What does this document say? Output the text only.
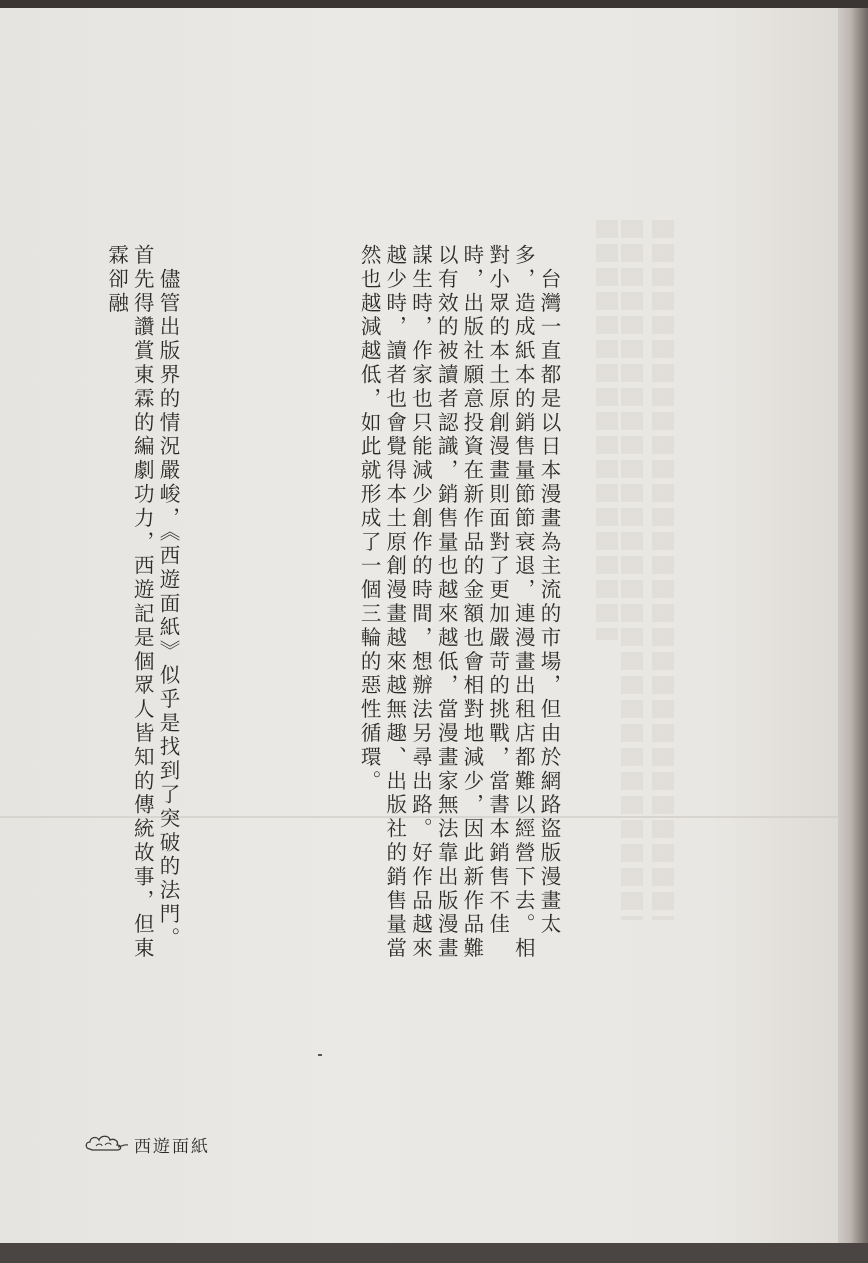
　台灣一直都是以日本漫畫為主流的市場，但由於網路盜版漫畫太多，造成紙本的銷售量節節衰退，連漫畫出租店都難以經營下去。相對小眾的本土原創漫畫則面對了更加嚴苛的挑戰，當書本銷售不佳時，出版社願意投資在新作品的金額也會相對地減少，因此新作品難以有效的被讀者認識，銷售量也越來越低，當漫畫家無法靠出版漫畫謀生時，作家也只能減少創作的時間，想辦法另尋出路。好作品越來越少時，讀者也會覺得本土原創漫畫越來越無趣、出版社的銷售量當然也越減越低，如此就形成了一個三輪的惡性循環。

　儘管出版界的情況嚴峻，《西遊面紙》似乎是找到了突破的法門。首先得讚賞東霖的編劇功力，西遊記是個眾人皆知的傳統故事，但東霖卻融

西遊面紙
